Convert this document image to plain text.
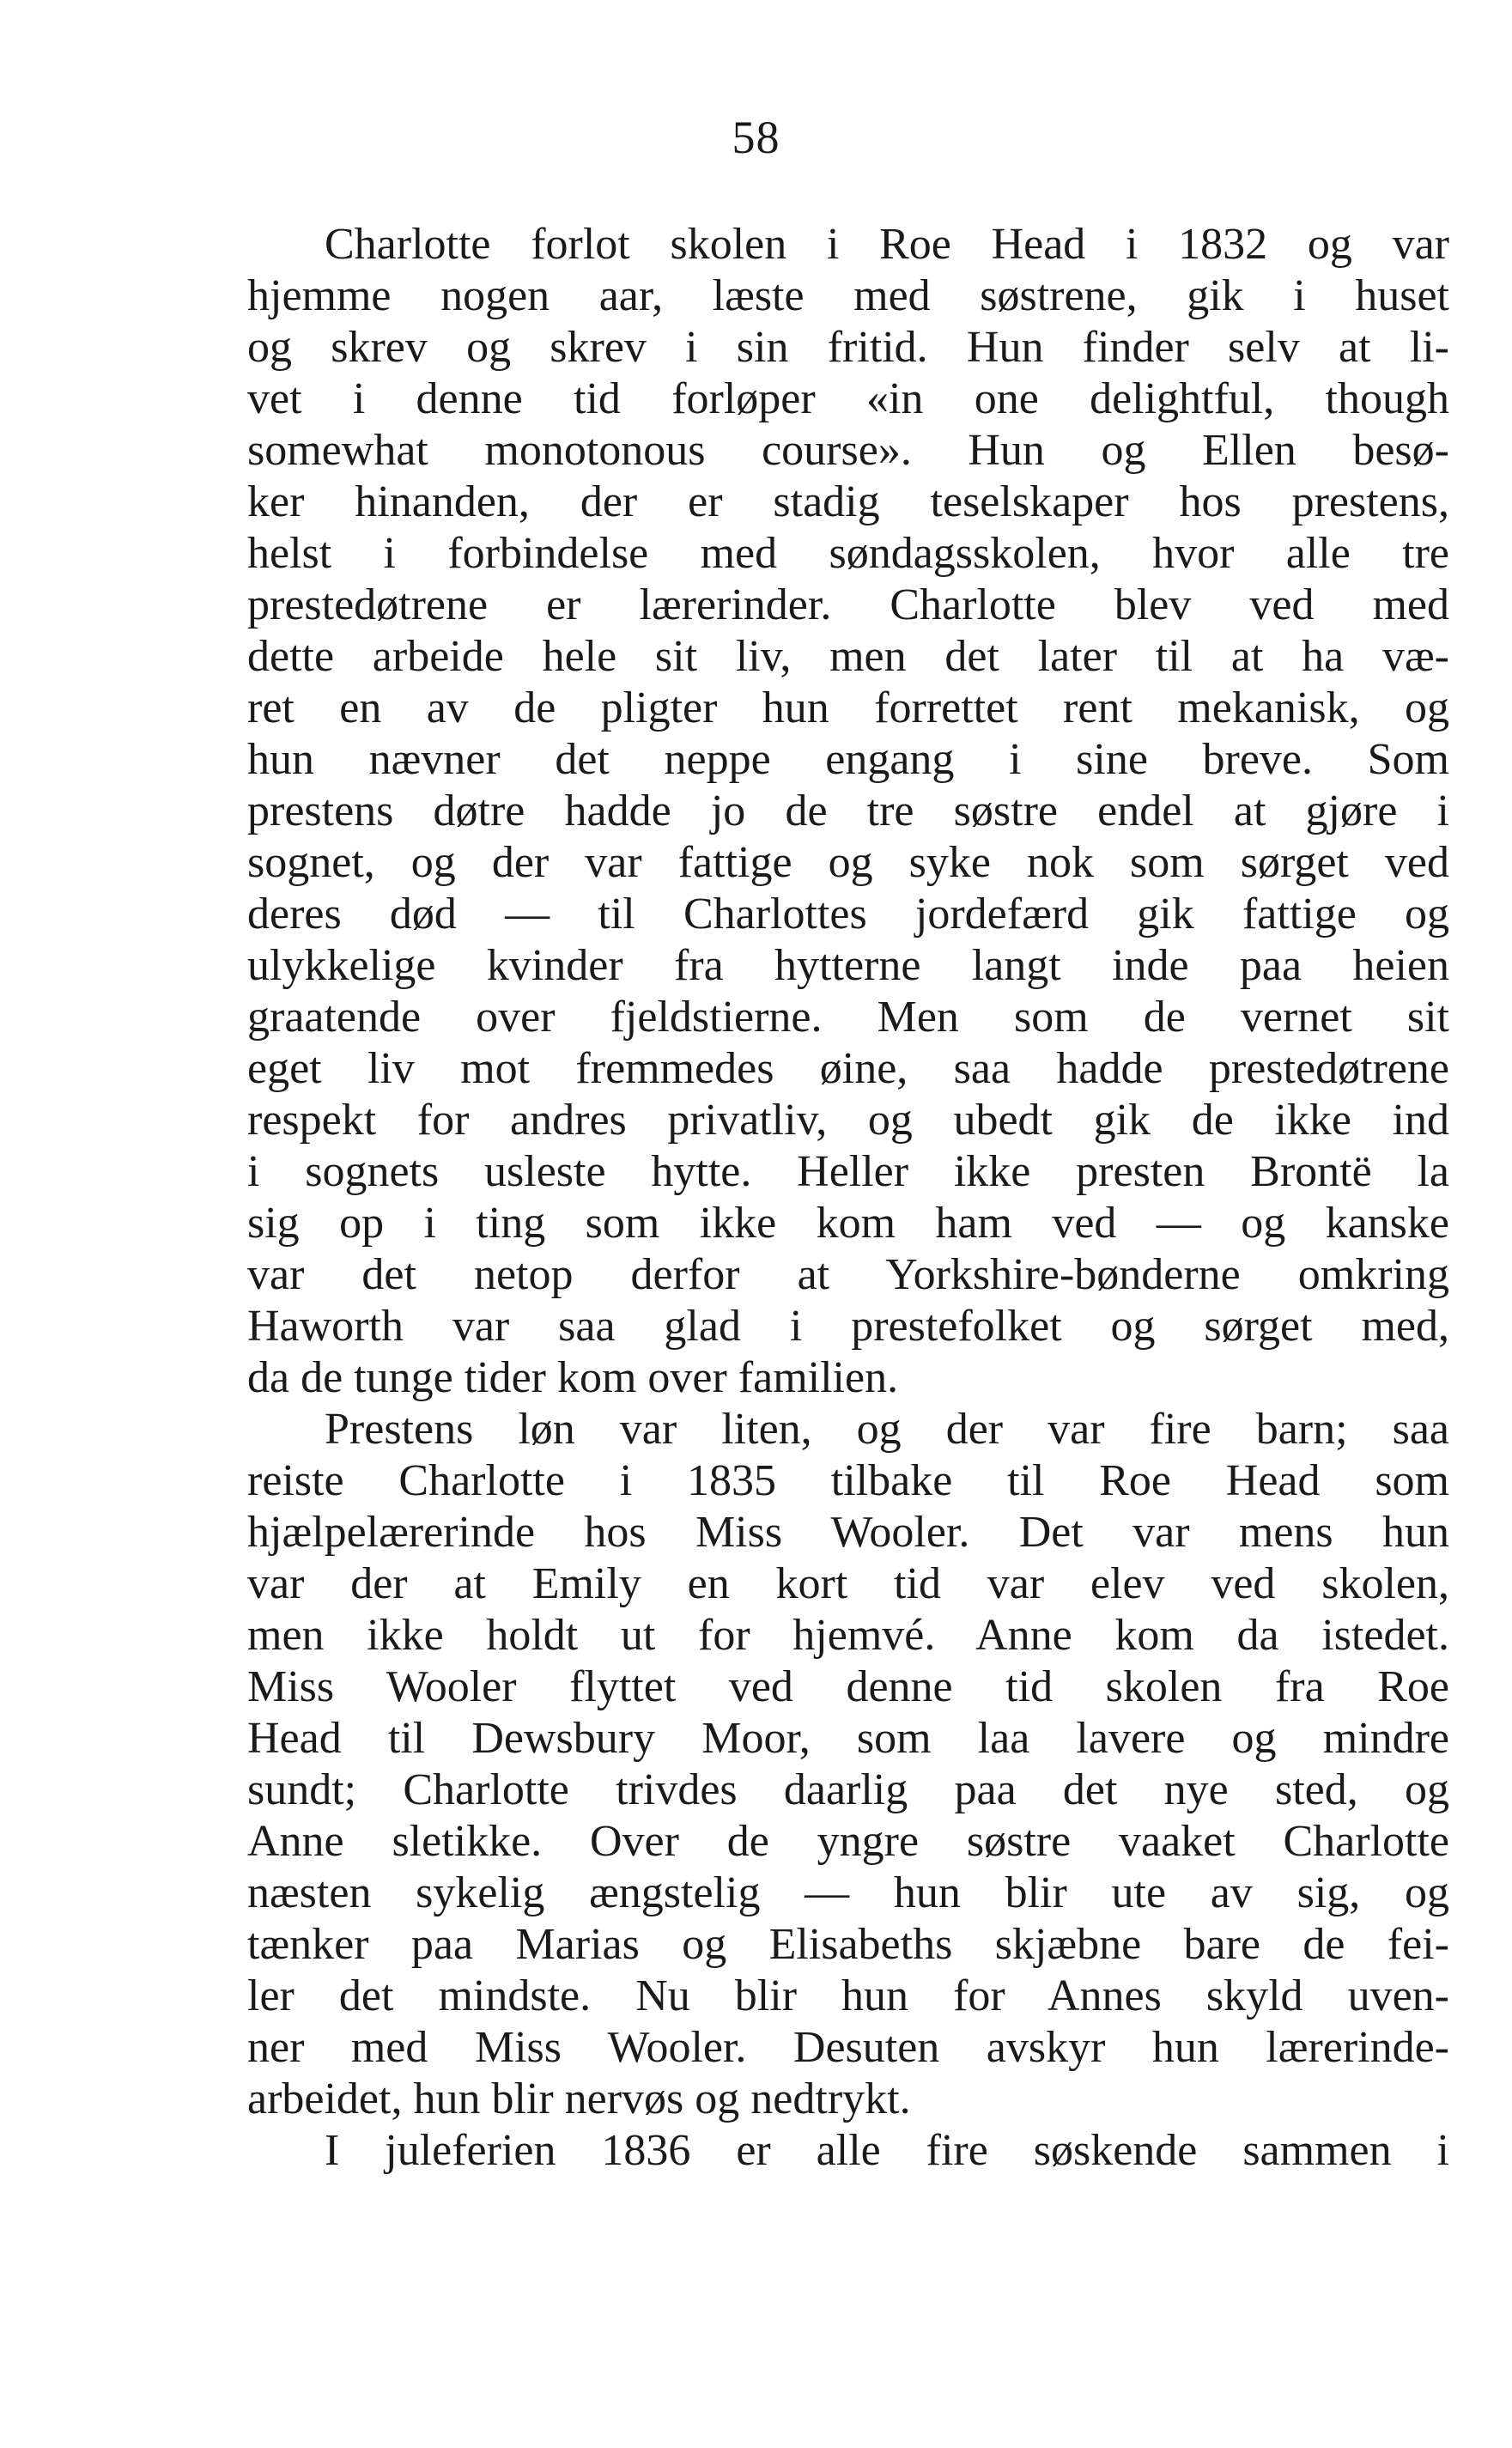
58
Charlotte forlot skolen i Roe Head i 1832 og var
hjemme nogen aar, læste med søstrene, gik i huset
og skrev og skrev i sin fritid. Hun finder selv at li-
vet i denne tid forløper «in one delightful, though
somewhat monotonous course». Hun og Ellen besø-
ker hinanden, der er stadig teselskaper hos prestens,
helst i forbindelse med søndagsskolen, hvor alle tre
prestedøtrene er lærerinder. Charlotte blev ved med
dette arbeide hele sit liv, men det later til at ha væ-
ret en av de pligter hun forrettet rent mekanisk, og
hun nævner det neppe engang i sine breve. Som
prestens døtre hadde jo de tre søstre endel at gjøre i
sognet, og der var fattige og syke nok som sørget ved
deres død — til Charlottes jordefærd gik fattige og
ulykkelige kvinder fra hytterne langt inde paa heien
graatende over fjeldstierne. Men som de vernet sit
eget liv mot fremmedes øine, saa hadde prestedøtrene
respekt for andres privatliv, og ubedt gik de ikke ind
i sognets usleste hytte. Heller ikke presten Brontë la
sig op i ting som ikke kom ham ved — og kanske
var det netop derfor at Yorkshire-bønderne omkring
Haworth var saa glad i prestefolket og sørget med,
da de tunge tider kom over familien.
Prestens løn var liten, og der var fire barn; saa
reiste Charlotte i 1835 tilbake til Roe Head som
hjælpelærerinde hos Miss Wooler. Det var mens hun
var der at Emily en kort tid var elev ved skolen,
men ikke holdt ut for hjemvé. Anne kom da istedet.
Miss Wooler flyttet ved denne tid skolen fra Roe
Head til Dewsbury Moor, som laa lavere og mindre
sundt; Charlotte trivdes daarlig paa det nye sted, og
Anne sletikke. Over de yngre søstre vaaket Charlotte
næsten sykelig ængstelig — hun blir ute av sig, og
tænker paa Marias og Elisabeths skjæbne bare de fei-
ler det mindste. Nu blir hun for Annes skyld uven-
ner med Miss Wooler. Desuten avskyr hun lærerinde-
arbeidet, hun blir nervøs og nedtrykt.
I juleferien 1836 er alle fire søskende sammen i
